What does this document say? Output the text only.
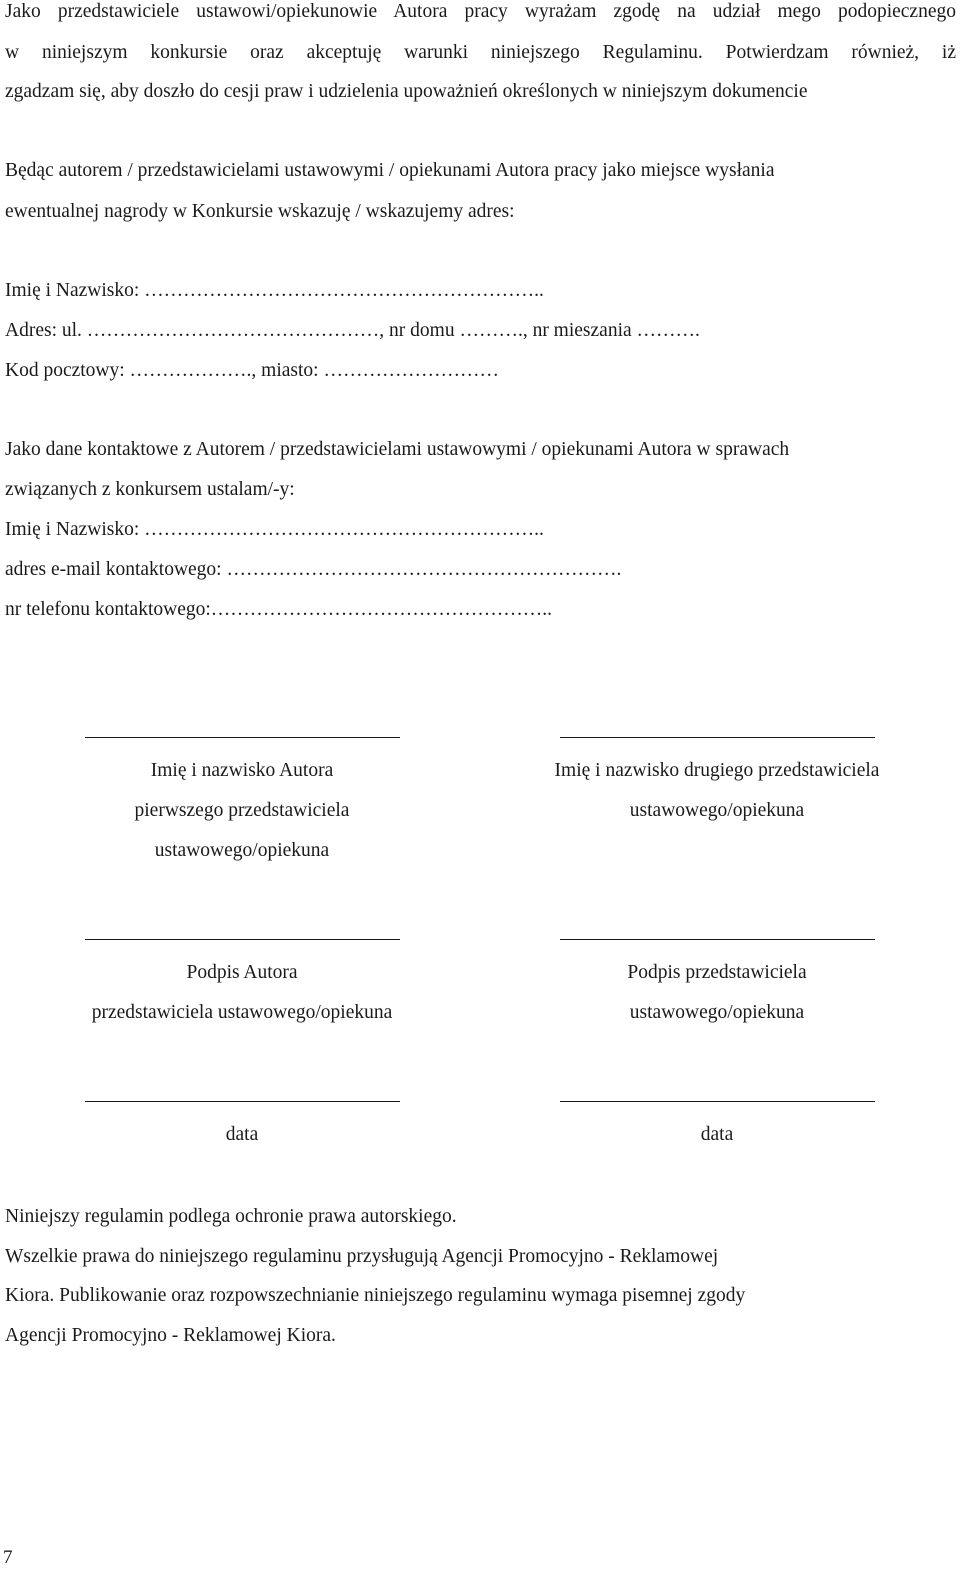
Jako przedstawiciele ustawowi/opiekunowie Autora pracy wyrażam zgodę na udział mego podopiecznego

w niniejszym konkursie oraz akceptuję warunki niniejszego Regulaminu. Potwierdzam również, iż

zgadzam się, aby doszło do cesji praw i udzielenia upoważnień określonych w niniejszym dokumencie

Będąc autorem / przedstawicielami ustawowymi / opiekunami Autora pracy jako miejsce wysłania

ewentualnej nagrody w Konkursie wskazuję / wskazujemy adres:

Imię i Nazwisko: ……………………………………………………..

Adres: ul. ………………………………………, nr domu ………., nr mieszania ……….

Kod pocztowy: ………………., miasto: ………………………

Jako dane kontaktowe z Autorem / przedstawicielami ustawowymi / opiekunami Autora w sprawach

związanych z konkursem ustalam/-y:

Imię i Nazwisko: ……………………………………………………..

adres e-mail kontaktowego: …………………………………………………….

nr telefonu kontaktowego:……………………………………………..

Imię i nazwisko Autora

pierwszego przedstawiciela

ustawowego/opiekuna

Imię i nazwisko drugiego przedstawiciela

ustawowego/opiekuna

Podpis Autora

przedstawiciela ustawowego/opiekuna

Podpis przedstawiciela

ustawowego/opiekuna

data	data

Niniejszy regulamin podlega ochronie prawa autorskiego.

Wszelkie prawa do niniejszego regulaminu przysługują Agencji Promocyjno - Reklamowej

Kiora. Publikowanie oraz rozpowszechnianie niniejszego regulaminu wymaga pisemnej zgody

Agencji Promocyjno - Reklamowej Kiora.

7
